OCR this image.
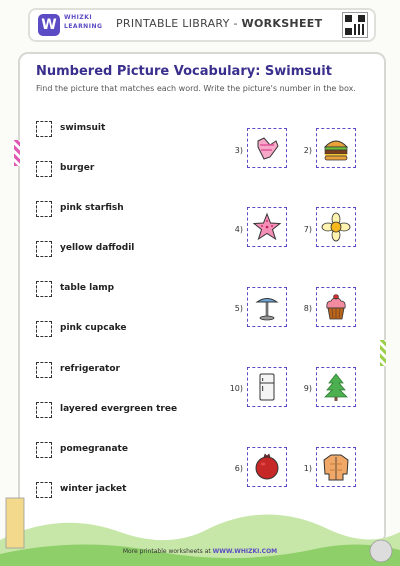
W	WHIZKI
LEARNING PRINTABLE LIBRARY - WORKSHEET
Numbered Picture Vocabulary: Swimsuit
Find the picture that matches each word. Write the picture's number in the box.
swimsuit
burger
pink starfish
yellow daffodil
table lamp
pink cupcake
refrigerator
layered evergreen tree
pomegranate
winter jacket
3)	2)
4)	7)
5)	8)
10)	9)
6)	1)
More printable worksheets at WWW.WHIZKI.COM
